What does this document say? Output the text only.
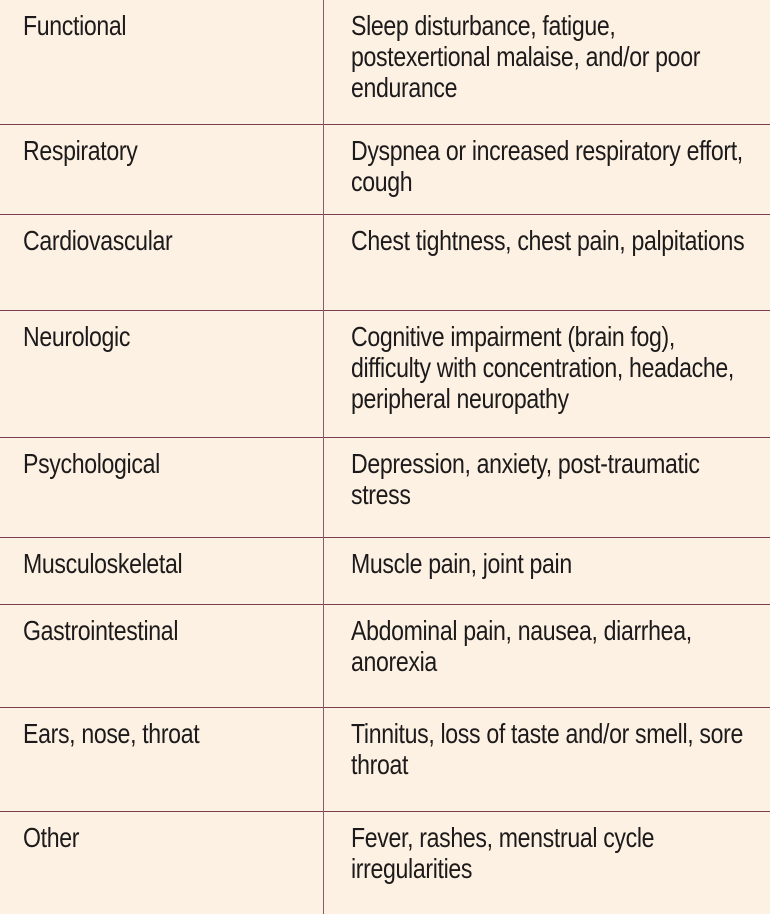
Functional	Sleep disturbance, fatigue, postexertional malaise, and/or poor endurance
Respiratory	Dyspnea or increased respiratory effort, cough
Cardiovascular	Chest tightness, chest pain, palpitations
Neurologic	Cognitive impairment (brain fog), difficulty with concentration, headache, peripheral neuropathy
Psychological	Depression, anxiety, post-traumatic stress
Musculoskeletal	Muscle pain, joint pain
Gastrointestinal	Abdominal pain, nausea, diarrhea, anorexia
Ears, nose, throat	Tinnitus, loss of taste and/or smell, sore throat
Other	Fever, rashes, menstrual cycle irregularities
